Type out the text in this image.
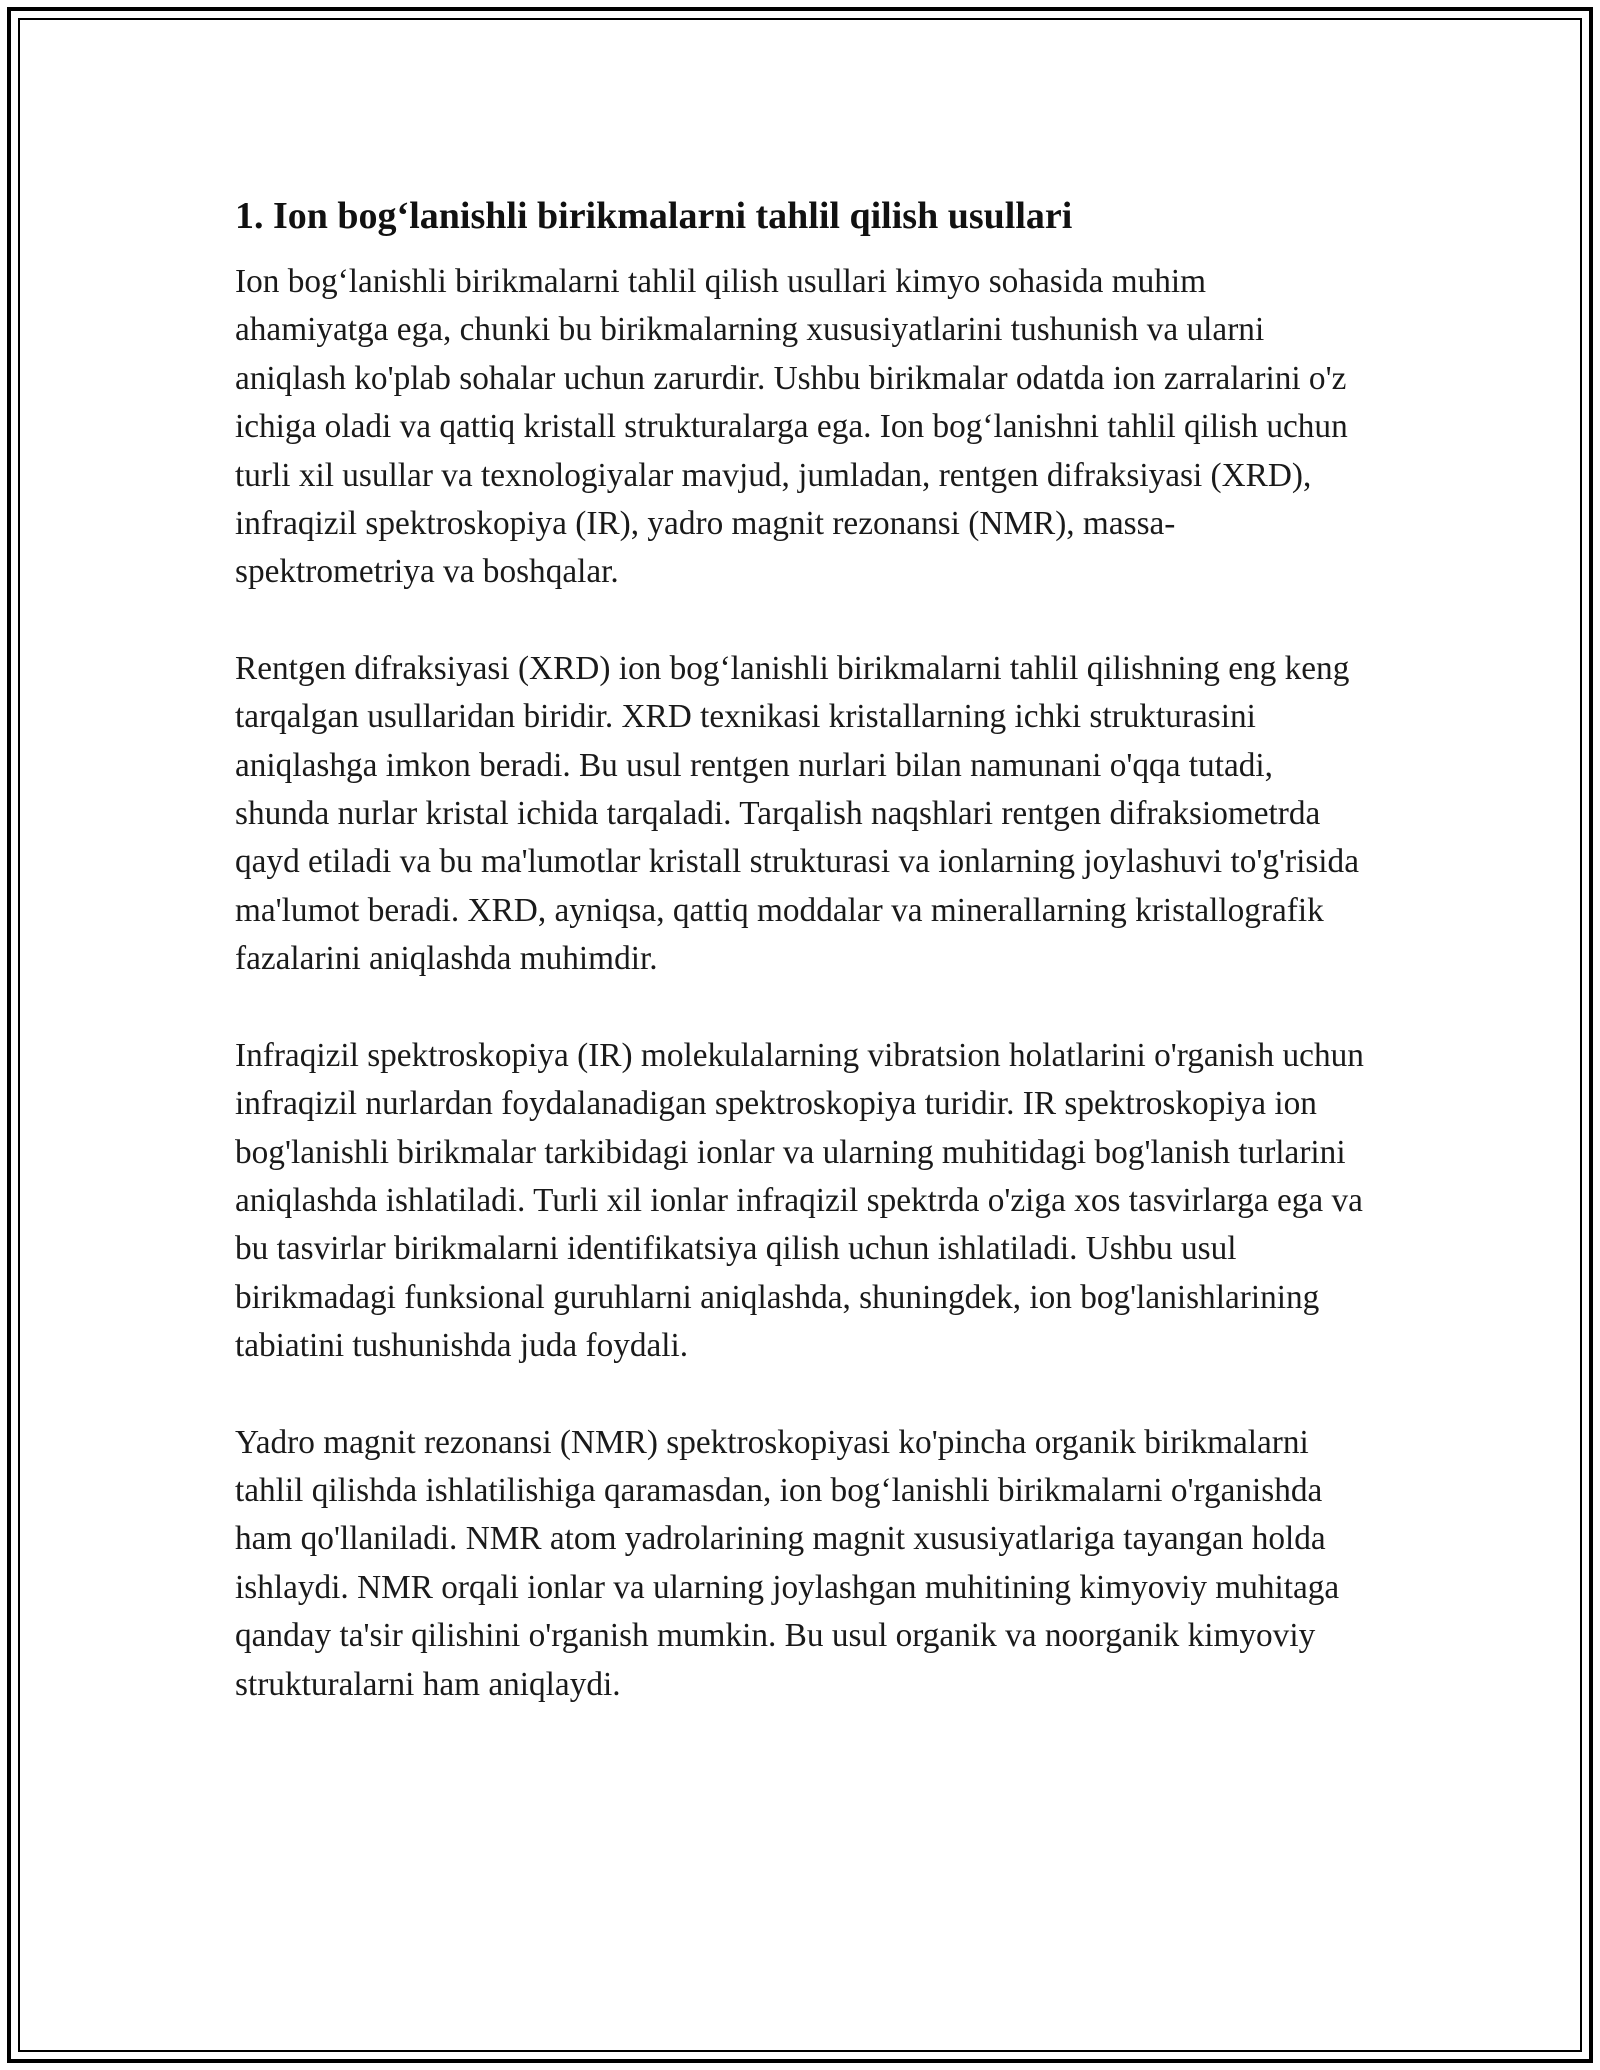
1. Ion bog‘lanishli birikmalarni tahlil qilish usullari

Ion bog‘lanishli birikmalarni tahlil qilish usullari kimyo sohasida muhim ahamiyatga ega, chunki bu birikmalarning xususiyatlarini tushunish va ularni aniqlash ko'plab sohalar uchun zarurdir. Ushbu birikmalar odatda ion zarralarini o'z ichiga oladi va qattiq kristall strukturalarga ega. Ion bog‘lanishni tahlil qilish uchun turli xil usullar va texnologiyalar mavjud, jumladan, rentgen difraksiyasi (XRD), infraqizil spektroskopiya (IR), yadro magnit rezonansi (NMR), massa-spektrometriya va boshqalar.

Rentgen difraksiyasi (XRD) ion bog‘lanishli birikmalarni tahlil qilishning eng keng tarqalgan usullaridan biridir. XRD texnikasi kristallarning ichki strukturasini aniqlashga imkon beradi. Bu usul rentgen nurlari bilan namunani o'qqa tutadi, shunda nurlar kristal ichida tarqaladi. Tarqalish naqshlari rentgen difraksiometrda qayd etiladi va bu ma'lumotlar kristall strukturasi va ionlarning joylashuvi to'g'risida ma'lumot beradi. XRD, ayniqsa, qattiq moddalar va minerallarning kristallografik fazalarini aniqlashda muhimdir.

Infraqizil spektroskopiya (IR) molekulalarning vibratsion holatlarini o'rganish uchun infraqizil nurlardan foydalanadigan spektroskopiya turidir. IR spektroskopiya ion bog'lanishli birikmalar tarkibidagi ionlar va ularning muhitidagi bog'lanish turlarini aniqlashda ishlatiladi. Turli xil ionlar infraqizil spektrda o'ziga xos tasvirlarga ega va bu tasvirlar birikmalarni identifikatsiya qilish uchun ishlatiladi. Ushbu usul birikmadagi funksional guruhlarni aniqlashda, shuningdek, ion bog'lanishlarining tabiatini tushunishda juda foydali.

Yadro magnit rezonansi (NMR) spektroskopiyasi ko'pincha organik birikmalarni tahlil qilishda ishlatilishiga qaramasdan, ion bog‘lanishli birikmalarni o'rganishda ham qo'llaniladi. NMR atom yadrolarining magnit xususiyatlariga tayangan holda ishlaydi. NMR orqali ionlar va ularning joylashgan muhitining kimyoviy muhitaga qanday ta'sir qilishini o'rganish mumkin. Bu usul organik va noorganik kimyoviy strukturalarni ham aniqlaydi.
